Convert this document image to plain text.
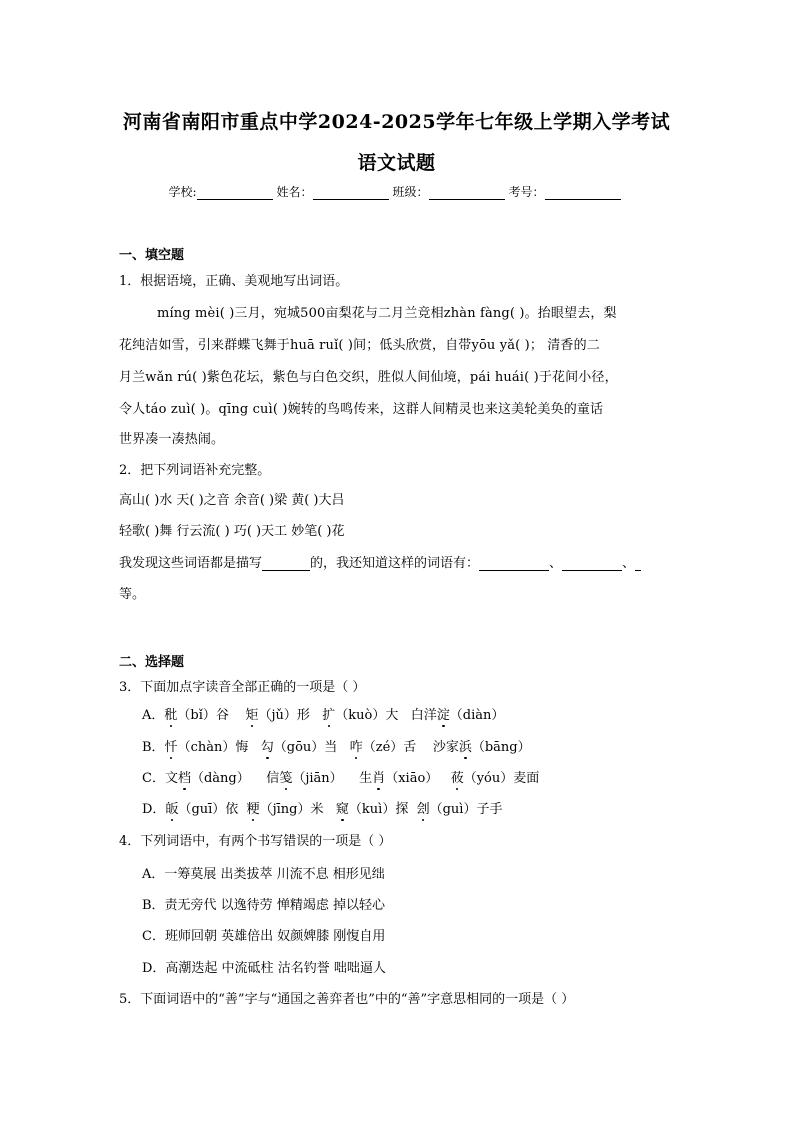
河南省南阳市重点中学2024-2025学年七年级上学期入学考试
语文试题
学校:	姓名：	班级：	考号：
一、填空题
1．根据语境，正确、美观地写出词语。
míng mèi( )三月，宛城500亩梨花与二月兰竞相zhàn fàng( )。抬眼望去，梨
花纯洁如雪，引来群蝶飞舞于huā ruǐ( )间；低头欣赏，自带yōu yǎ( )； 清香的二
月兰wǎn rú( )紫色花坛，紫色与白色交织，胜似人间仙境，pái huái( )于花间小径，
令人táo zuì( )。qīng cuì( )婉转的鸟鸣传来，这群人间精灵也来这美轮美奂的童话
世界凑一凑热闹。
2．把下列词语补充完整。
高山( )水 天( )之音 余音( )梁 黄( )大吕
轻歌( )舞 行云流( ) 巧( )天工 妙笔( )花
我发现这些词语都是描写	的，我还知道这样的词语有：	、	、
等。
二、选择题
3．下面加点字读音全部正确的一项是（ ）
A．秕（bǐ）谷 矩（jǔ）形 扩（kuò）大 白洋淀（diàn）
B．忏（chàn）悔 勾（gōu）当 咋（zé）舌 沙家浜（bāng）
C．文档（dàng） 信笺（jiān） 生肖（xiāo） 莜（yóu）麦面
D．皈（guī）依 粳（jīng）米 窥（kuì）探 刽（guì）子手
4．下列词语中，有两个书写错误的一项是（ ）
A．一筹莫展 出类拔萃 川流不息 相形见绌
B．责无旁代 以逸待劳 惮精竭虑 掉以轻心
C．班师回朝 英雄倍出 奴颜婢膝 刚愎自用
D．高潮迭起 中流砥柱 沽名钓誉 咄咄逼人
5．下面词语中的“善”字与“通国之善弈者也”中的“善”字意思相同的一项是（ ）
